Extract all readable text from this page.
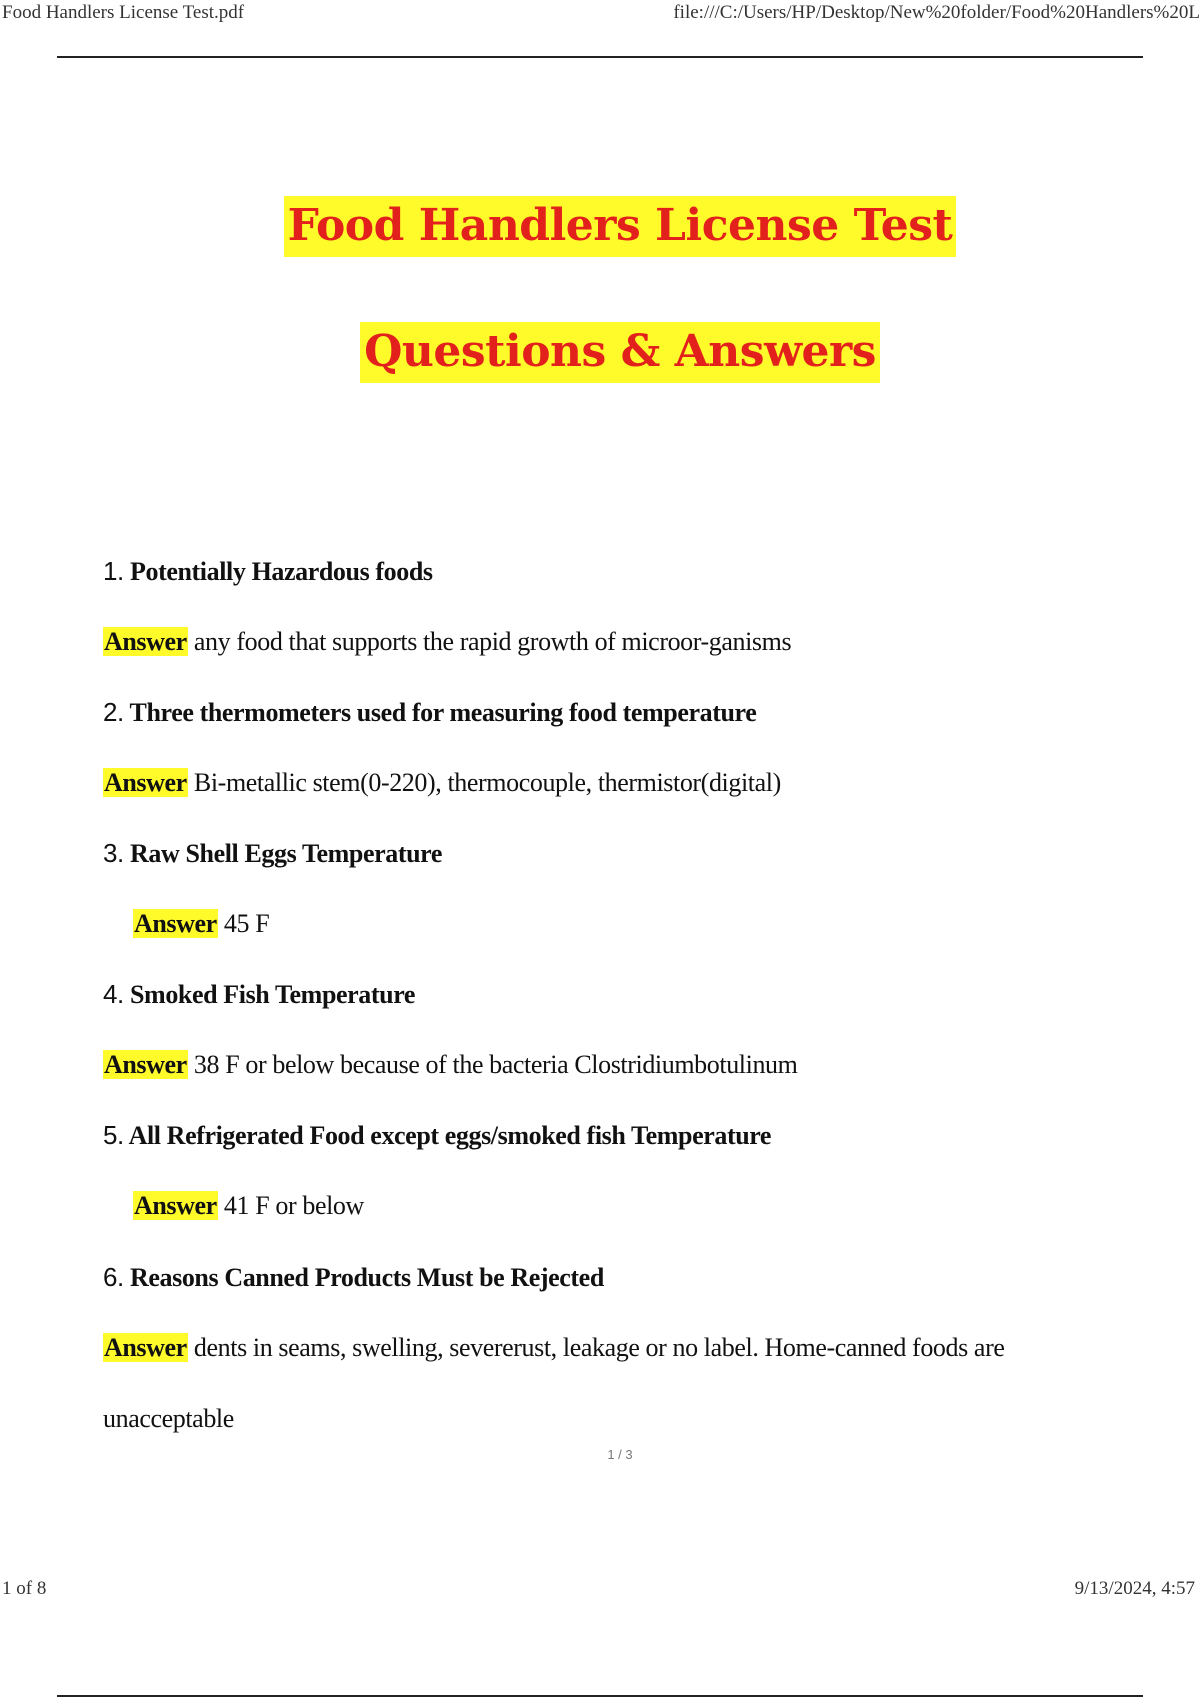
Food Handlers License Test.pdf	file:///C:/Users/HP/Desktop/New%20folder/Food%20Handlers%20L
Food Handlers License Test
Questions & Answers
1. Potentially Hazardous foods
Answer any food that supports the rapid growth of microor-ganisms
2. Three thermometers used for measuring food temperature
Answer Bi-metallic stem(0-220), thermocouple, thermistor(digital)
3. Raw Shell Eggs Temperature
Answer 45 F
4. Smoked Fish Temperature
Answer 38 F or below because of the bacteria Clostridiumbotulinum
5. All Refrigerated Food except eggs/smoked fish Temperature
Answer 41 F or below
6. Reasons Canned Products Must be Rejected
Answer dents in seams, swelling, severerust, leakage or no label. Home-canned foods are
unacceptable
1 / 3
1 of 8	9/13/2024, 4:57
